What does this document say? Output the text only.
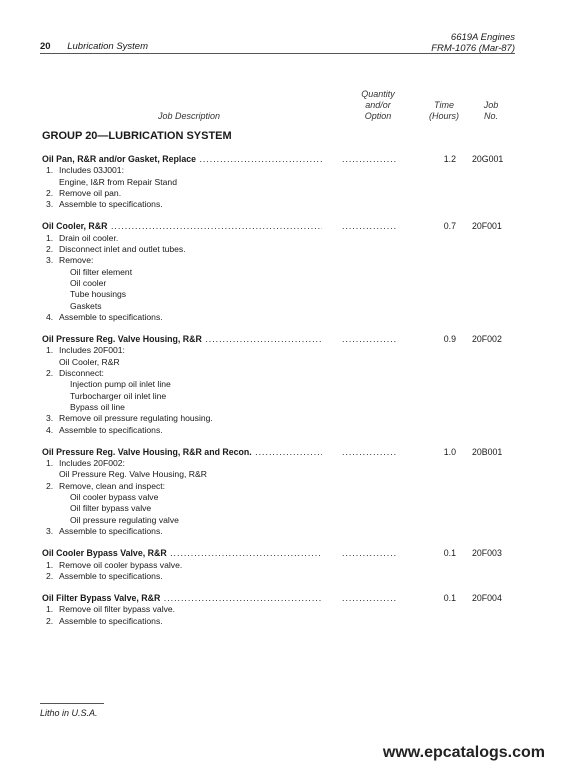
20 Lubrication System
6619A Engines
FRM-1076 (Mar-87)
Job Description
Quantity
and/or
Option
Time
(Hours)
Job
No.
GROUP 20—LUBRICATION SYSTEM
Oil Pan, R&R and/or Gasket, Replace .....	................	1.2 20G001
1. Includes 03J001:
Engine, I&R from Repair Stand
2. Remove oil pan.
3. Assemble to specifications.
Oil Cooler, R&R .....	................	0.7 20F001
1. Drain oil cooler.
2. Disconnect inlet and outlet tubes.
3. Remove:
Oil filter element
Oil cooler
Tube housings
Gaskets
4. Assemble to specifications.
Oil Pressure Reg. Valve Housing, R&R .....	................	0.9 20F002
1. Includes 20F001:
Oil Cooler, R&R
2. Disconnect:
Injection pump oil inlet line
Turbocharger oil inlet line
Bypass oil line
3. Remove oil pressure regulating housing.
4. Assemble to specifications.
Oil Pressure Reg. Valve Housing, R&R and Recon. .....	................	1.0 20B001
1. Includes 20F002:
Oil Pressure Reg. Valve Housing, R&R
2. Remove, clean and inspect:
Oil cooler bypass valve
Oil filter bypass valve
Oil pressure regulating valve
3. Assemble to specifications.
Oil Cooler Bypass Valve, R&R .....	................	0.1 20F003
1. Remove oil cooler bypass valve.
2. Assemble to specifications.
Oil Filter Bypass Valve, R&R .....	................	0.1 20F004
1. Remove oil filter bypass valve.
2. Assemble to specifications.
Litho in U.S.A.
www.epcatalogs.com
